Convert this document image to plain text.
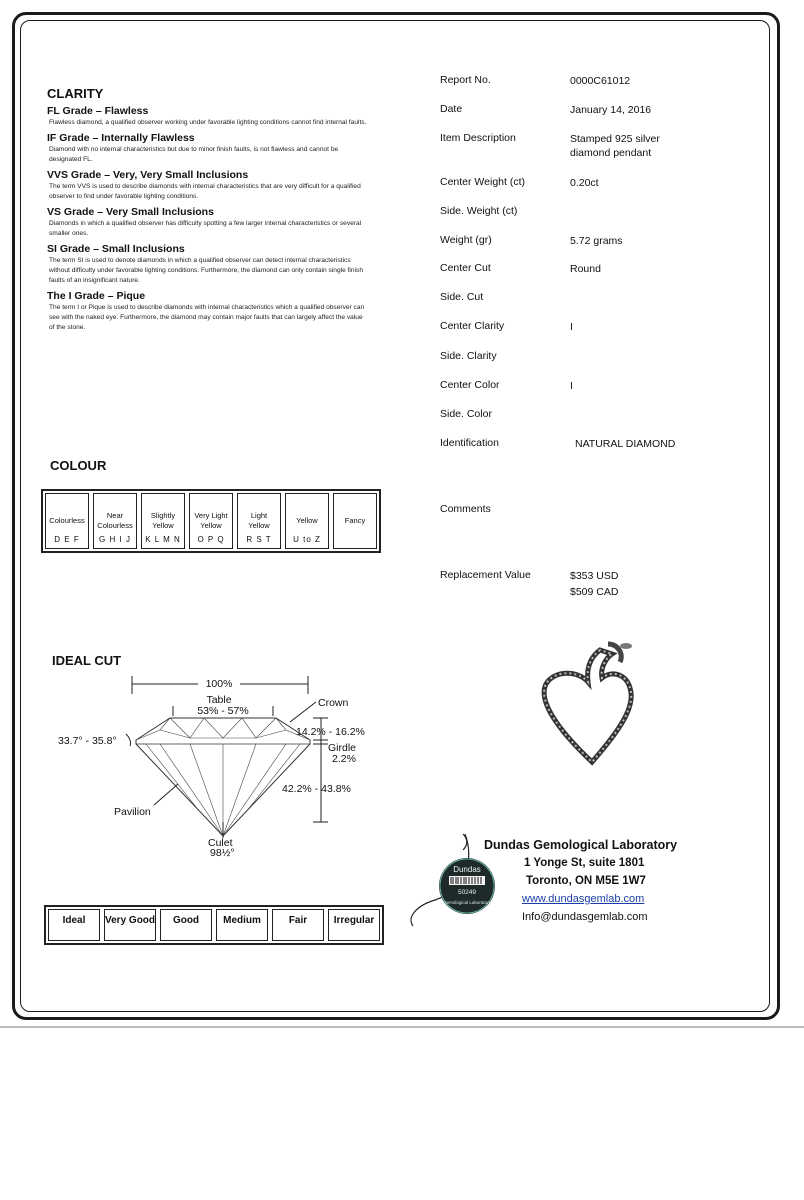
CLARITY
FL Grade – Flawless
Flawless diamond, a qualified observer working under favorable lighting conditions cannot find internal faults.
IF Grade – Internally Flawless
Diamond with no internal characteristics but due to minor finish faults, is not flawless and cannot be designated FL.
VVS Grade – Very, Very Small Inclusions
The term VVS is used to describe diamonds with internal characteristics that are very difficult for a qualified observer to find under favorable lighting conditions.
VS Grade – Very Small Inclusions
Diamonds in which a qualified observer has difficulty spotting a few larger internal characteristics or several smaller ones.
SI Grade – Small Inclusions
The term SI is used to denote diamonds in which a qualified observer can detect internal characteristics without difficulty under favorable lighting conditions. Furthermore, the diamond can only contain single finish faults of an insignificant nature.
The I Grade – Pique
The term I or Pique is used to describe diamonds with internal characteristics which a qualified observer can see with the naked eye. Furthermore, the diamond may contain major faults that can largely affect the value of the stone.
COLOUR
Colourless
D E F
Near Colourless
G H I J
Slightly Yellow
K L M N
Very Light Yellow
O P Q
Light Yellow
R S T
Yellow
U to Z
Fancy
IDEAL CUT
100%
Table
53% - 57%
Crown
33.7° - 35.8°
14.2% - 16.2%
Girdle
2.2%
42.2% - 43.8%
Pavilion
Culet
98½°
Ideal	Very Good	Good	Medium	Fair	Irregular
Report No.	0000C61012
Date	January 14, 2016
Item Description	Stamped 925 silver diamond pendant
Center Weight (ct)	0.20ct
Side. Weight (ct)
Weight (gr)	5.72 grams
Center Cut	Round
Side. Cut
Center Clarity	I
Side. Clarity
Center Color	I
Side. Color
Identification	NATURAL DIAMOND
Comments
Replacement Value	$353 USD
$509 CAD
Dundas
50249
Gemological Laboratory
Dundas Gemological Laboratory
1 Yonge St, suite 1801
Toronto, ON M5E 1W7
www.dundasgemlab.com
Info@dundasgemlab.com
